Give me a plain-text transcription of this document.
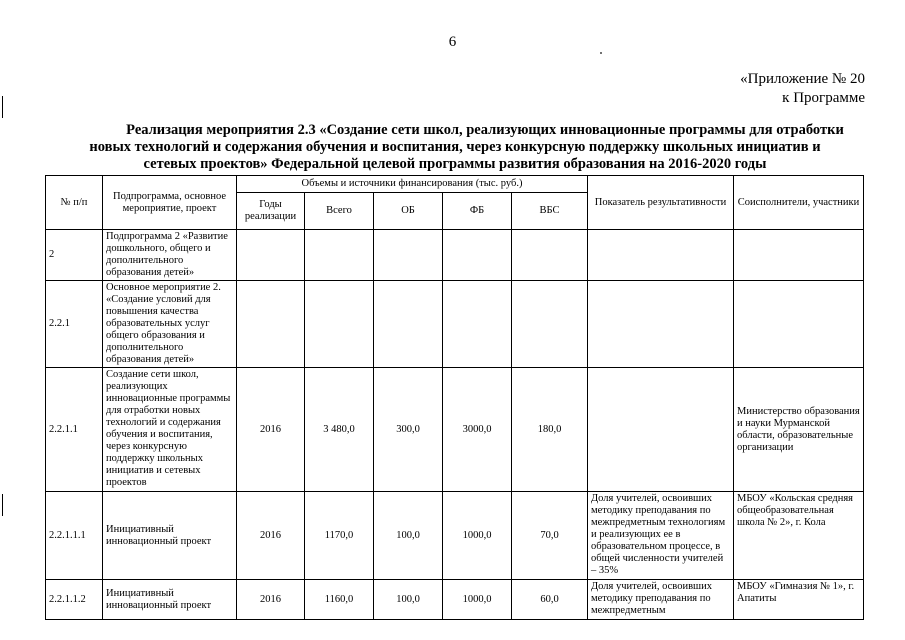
6
«Приложение № 20
к Программе
Реализация мероприятия 2.3 «Создание сети школ, реализующих инновационные программы для отработки
новых технологий и содержания обучения и воспитания, через конкурсную поддержку школьных инициатив и
сетевых проектов» Федеральной целевой программы развития образования на 2016-2020 годы
№ п/п	Подпрограмма, основное мероприятие, проект	Объемы и источники финансирования (тыс. руб.)					Показатель результативности	Соисполнители, участники
		Годы реализации	Всего	ОБ	ФБ	ВБС		
2	Подпрограмма 2 «Развитие дошкольного, общего и дополнительного образования детей»							
2.2.1	Основное мероприятие 2. «Создание условий для повышения качества образовательных услуг общего образования и дополнительного образования детей»							
2.2.1.1	Создание сети школ, реализующих инновационные программы для отработки новых технологий и содержания обучения и воспитания, через конкурсную поддержку школьных инициатив и сетевых проектов	2016	3 480,0	300,0	3000,0	180,0		Министерство образования и науки Мурманской области, образовательные организации
2.2.1.1.1	Инициативный инновационный проект	2016	1170,0	100,0	1000,0	70,0	Доля учителей, освоивших методику преподавания по межпредметным технологиям и реализующих ее в образовательном процессе, в общей численности учителей – 35%	МБОУ «Кольская средняя общеобразовательная школа № 2», г. Кола
2.2.1.1.2	Инициативный инновационный проект	2016	1160,0	100,0	1000,0	60,0	Доля учителей, освоивших методику преподавания по межпредметным	МБОУ «Гимназия № 1», г. Апатиты
